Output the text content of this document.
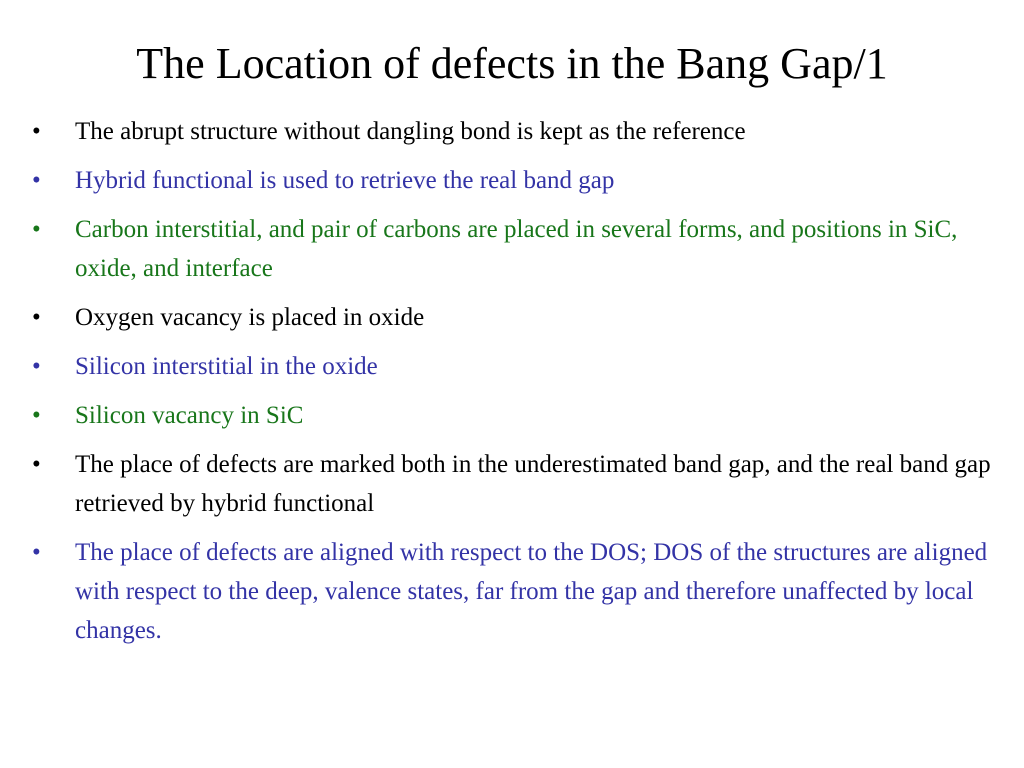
The Location of defects in the Bang Gap/1
• The abrupt structure without dangling bond is kept as the reference
• Hybrid functional is used to retrieve the real band gap
• Carbon interstitial, and pair of carbons are placed in several forms, and positions in SiC, oxide, and interface
• Oxygen vacancy is placed in oxide
• Silicon interstitial in the oxide
• Silicon vacancy in SiC
• The place of defects are marked both in the underestimated band gap, and the real band gap retrieved by hybrid functional
• The place of defects are aligned with respect to the DOS; DOS of the structures are aligned with respect to the deep, valence states, far from the gap and therefore unaffected by local changes.
